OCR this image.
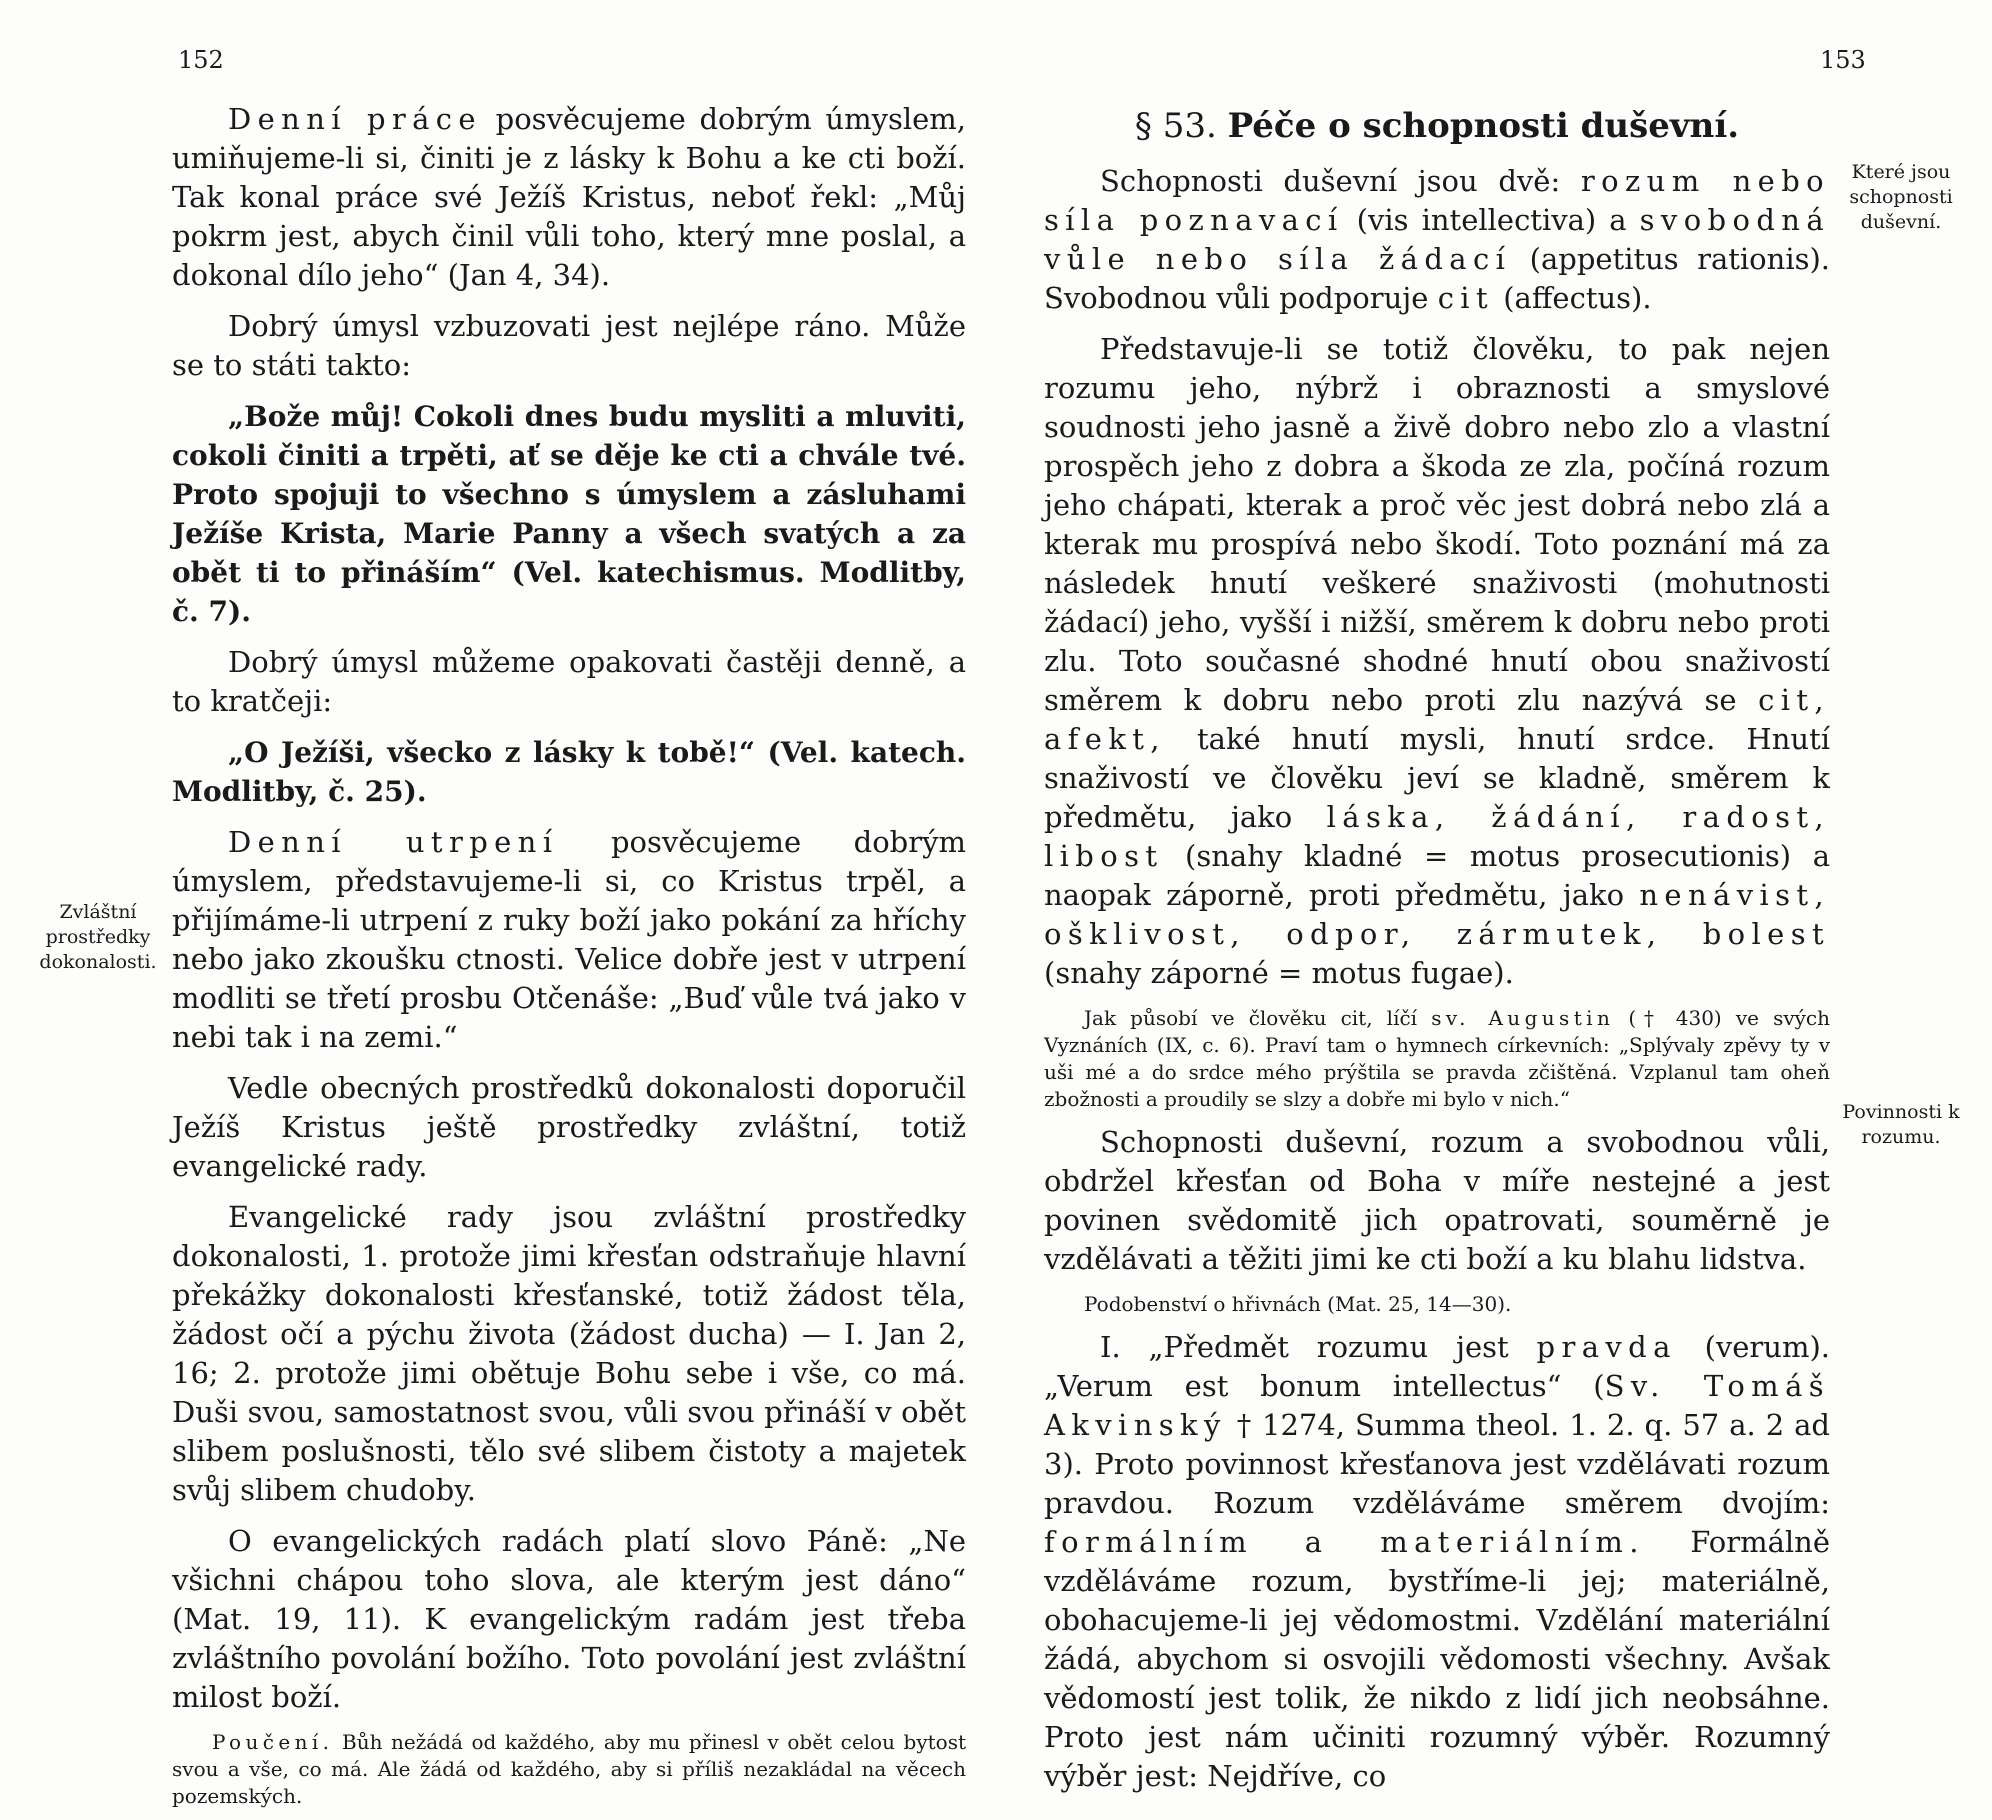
152
Zvláštní prostředky dokonalosti.

Denní práce posvěcujeme dobrým úmyslem, umiňujeme-li si, činiti je z lásky k Bohu a ke cti boží. Tak konal práce své Ježíš Kristus, neboť řekl: „Můj pokrm jest, abych činil vůli toho, který mne poslal, a dokonal dílo jeho“ (Jan 4, 34).

Dobrý úmysl vzbuzovati jest nejlépe ráno. Může se to státi takto:

„Bože můj! Cokoli dnes budu mysliti a mluviti, cokoli činiti a trpěti, ať se děje ke cti a chvále tvé. Proto spojuji to všechno s úmyslem a zásluhami Ježíše Krista, Marie Panny a všech svatých a za obět ti to přináším“ (Vel. katechismus. Modlitby, č. 7).

Dobrý úmysl můžeme opakovati častěji denně, a to kratčeji:

„O Ježíši, všecko z lásky k tobě!“ (Vel. katech. Modlitby, č. 25).

Denní utrpení posvěcujeme dobrým úmyslem, představujeme-li si, co Kristus trpěl, a přijímáme-li utrpení z ruky boží jako pokání za hříchy nebo jako zkoušku ctnosti. Velice dobře jest v utrpení modliti se třetí prosbu Otčenáše: „Buď vůle tvá jako v nebi tak i na zemi.“

Vedle obecných prostředků dokonalosti doporučil Ježíš Kristus ještě prostředky zvláštní, totiž evangelické rady.

Evangelické rady jsou zvláštní prostředky dokonalosti, 1. protože jimi křesťan odstraňuje hlavní překážky dokonalosti křesťanské, totiž žádost těla, žádost očí a pýchu života (žádost ducha) — I. Jan 2, 16; 2. protože jimi obětuje Bohu sebe i vše, co má. Duši svou, samostatnost svou, vůli svou přináší v obět slibem poslušnosti, tělo své slibem čistoty a majetek svůj slibem chudoby.

O evangelických radách platí slovo Páně: „Ne všichni chápou toho slova, ale kterým jest dáno“ (Mat. 19, 11). K evangelickým radám jest třeba zvláštního povolání božího. Toto povolání jest zvláštní milost boží.

Poučení. Bůh nežádá od každého, aby mu přinesl v obět celou bytost svou a vše, co má. Ale žádá od každého, aby si příliš nezakládal na věcech pozemských.

153
Které jsou schopnosti duševní.
Povinnosti k rozumu.
§ 53. Péče o schopnosti duševní.

Schopnosti duševní jsou dvě: rozum nebo síla poznavací (vis intellectiva) a svobodná vůle nebo síla žádací (appetitus rationis). Svobodnou vůli podporuje cit (affectus).

Představuje-li se totiž člověku, to pak nejen rozumu jeho, nýbrž i obraznosti a smyslové soudnosti jeho jasně a živě dobro nebo zlo a vlastní prospěch jeho z dobra a škoda ze zla, počíná rozum jeho chápati, kterak a proč věc jest dobrá nebo zlá a kterak mu prospívá nebo škodí. Toto poznání má za následek hnutí veškeré snaživosti (mohutnosti žádací) jeho, vyšší i nižší, směrem k dobru nebo proti zlu. Toto současné shodné hnutí obou snaživostí směrem k dobru nebo proti zlu nazývá se cit, afekt, také hnutí mysli, hnutí srdce. Hnutí snaživostí ve člověku jeví se kladně, směrem k předmětu, jako láska, žádání, radost, libost (snahy kladné = motus prosecutionis) a naopak záporně, proti předmětu, jako nenávist, ošklivost, odpor, zármutek, bolest (snahy záporné = motus fugae).

Jak působí ve člověku cit, líčí sv. Augustin († 430) ve svých Vyznáních (IX, c. 6). Praví tam o hymnech církevních: „Splývaly zpěvy ty v uši mé a do srdce mého prýštila se pravda zčištěná. Vzplanul tam oheň zbožnosti a proudily se slzy a dobře mi bylo v nich.“

Schopnosti duševní, rozum a svobodnou vůli, obdržel křesťan od Boha v míře nestejné a jest povinen svědomitě jich opatrovati, souměrně je vzdělávati a těžiti jimi ke cti boží a ku blahu lidstva.

Podobenství o hřivnách (Mat. 25, 14—30).

I. „Předmět rozumu jest pravda (verum). „Verum est bonum intellectus“ (Sv. Tomáš Akvinský † 1274, Summa theol. 1. 2. q. 57 a. 2 ad 3). Proto povinnost křesťanova jest vzdělávati rozum pravdou. Rozum vzděláváme směrem dvojím: formálním a materiálním. Formálně vzděláváme rozum, bystříme-li jej; materiálně, obohacujeme-li jej vědomostmi. Vzdělání materiální žádá, abychom si osvojili vědomosti všechny. Avšak vědomostí jest tolik, že nikdo z lidí jich neobsáhne. Proto jest nám učiniti rozumný výběr. Rozumný výběr jest: Nejdříve, co
